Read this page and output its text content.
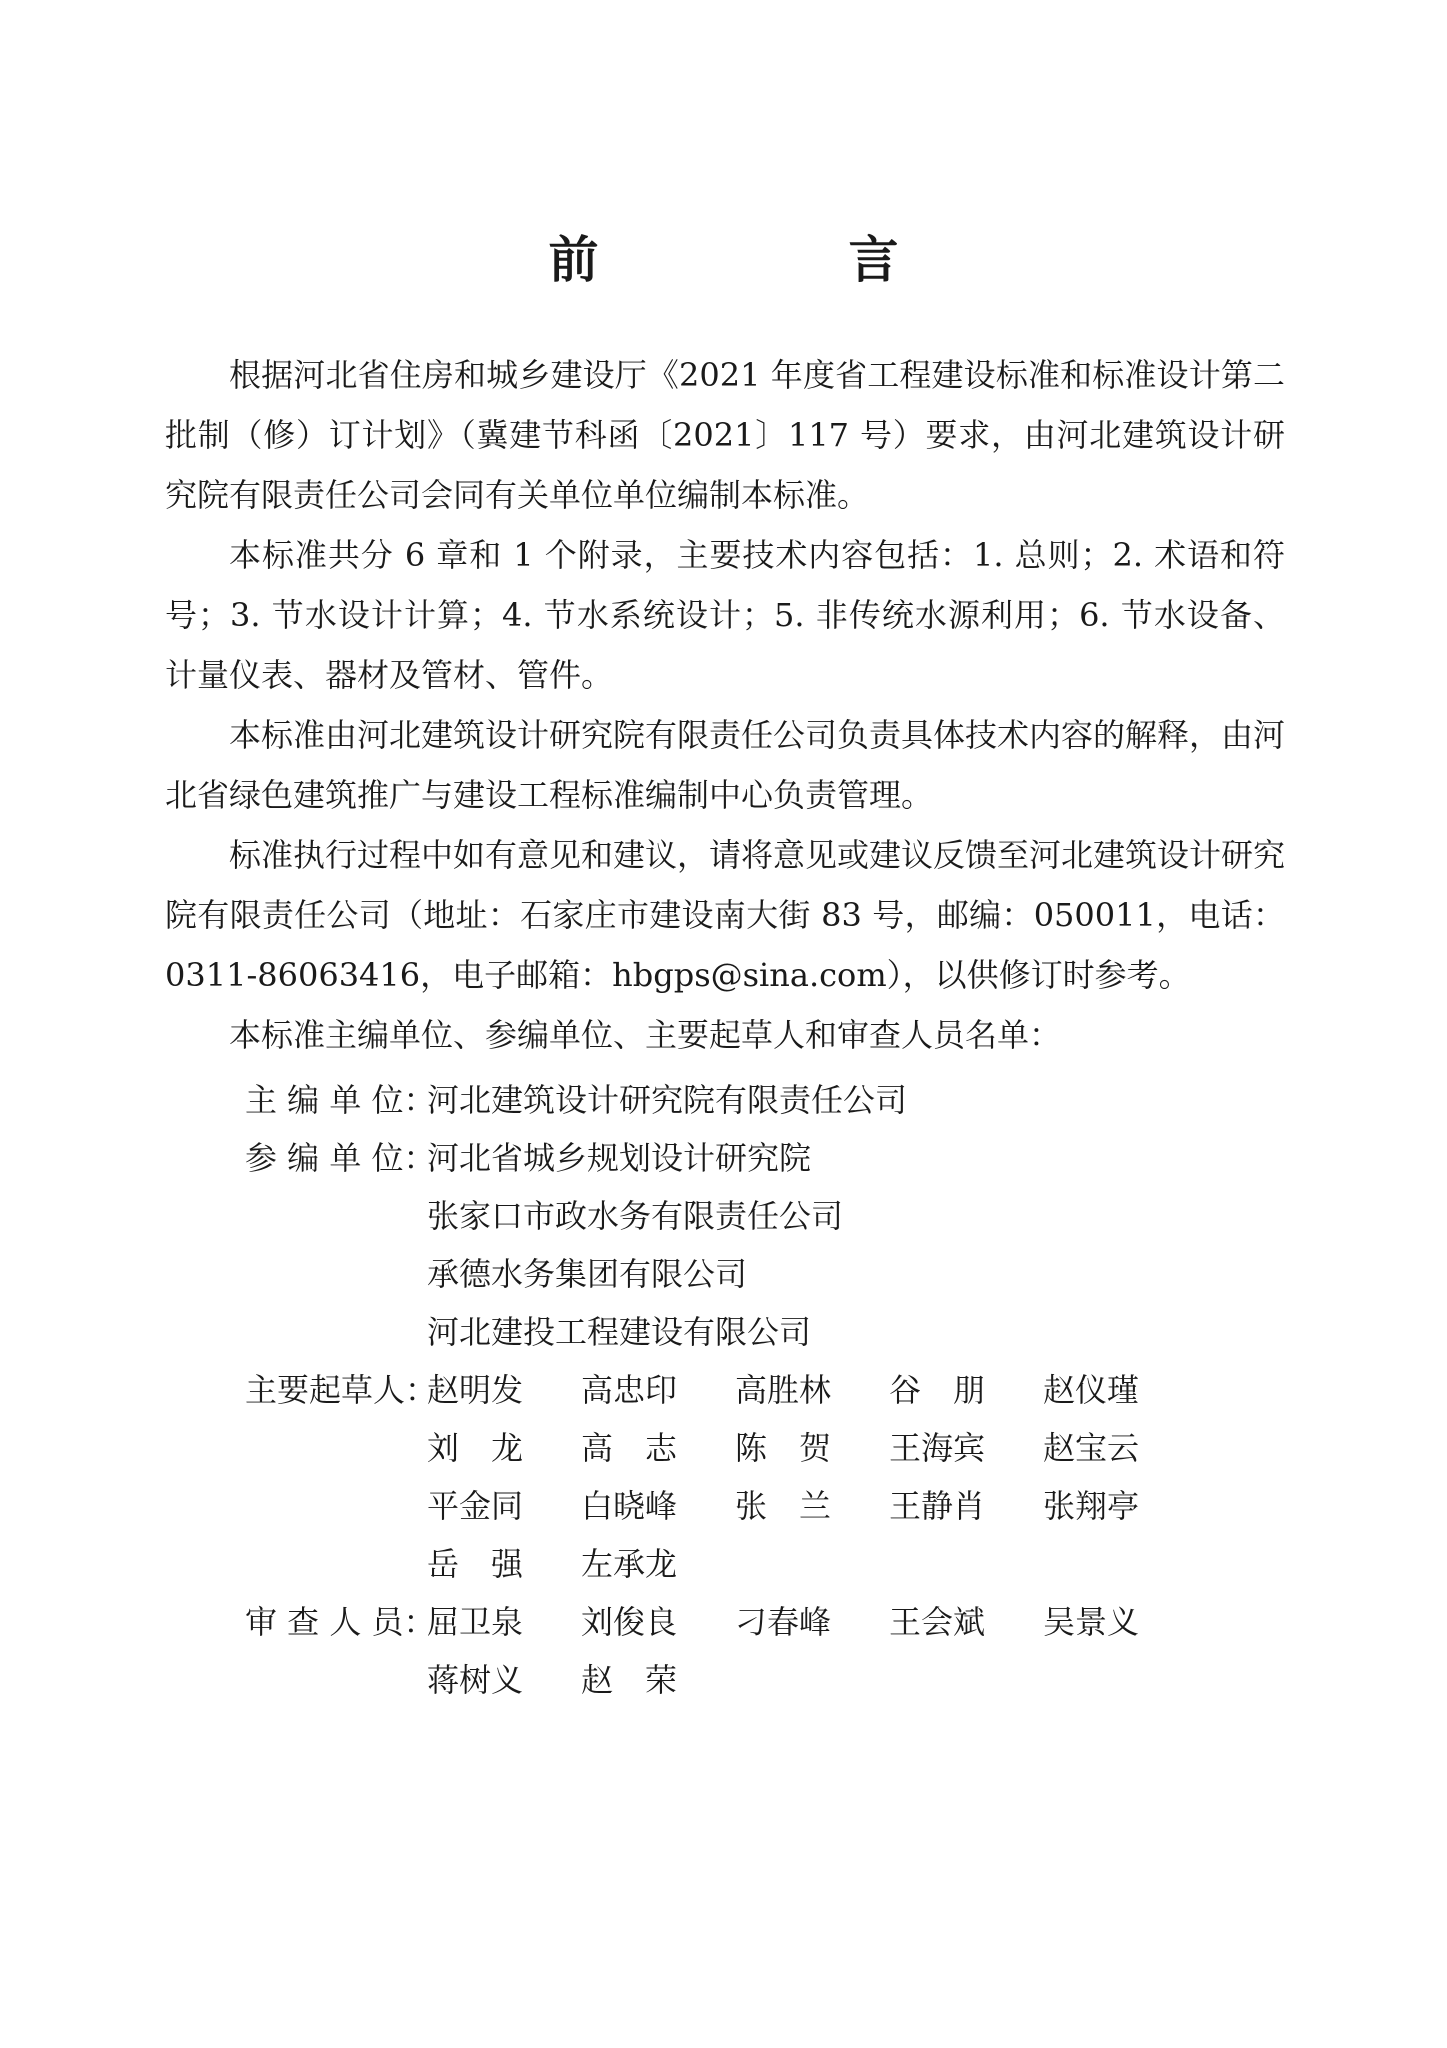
前　言

根据河北省住房和城乡建设厅《2021 年度省工程建设标准和标准设计第二批制（修）订计划》（冀建节科函〔2021〕117 号）要求，由河北建筑设计研究院有限责任公司会同有关单位单位编制本标准。

本标准共分 6 章和 1 个附录，主要技术内容包括：1. 总则；2. 术语和符号；3. 节水设计计算；4. 节水系统设计；5. 非传统水源利用；6. 节水设备、计量仪表、器材及管材、管件。

本标准由河北建筑设计研究院有限责任公司负责具体技术内容的解释，由河北省绿色建筑推广与建设工程标准编制中心负责管理。

标准执行过程中如有意见和建议，请将意见或建议反馈至河北建筑设计研究院有限责任公司（地址：石家庄市建设南大街 83 号，邮编：050011，电话：0311-86063416，电子邮箱：hbgps@sina.com），以供修订时参考。

本标准主编单位、参编单位、主要起草人和审查人员名单：

主 编 单 位：
河北建筑设计研究院有限责任公司
参 编 单 位：
河北省城乡规划设计研究院
张家口市政水务有限责任公司
承德水务集团有限公司
河北建投工程建设有限公司
主要起草人：
赵明发	高忠印	高胜林	谷　朋	赵仪瑾
刘　龙	高　志	陈　贺	王海宾	赵宝云
平金同	白晓峰	张　兰	王静肖	张翔亭
岳　强	左承龙
审 查 人 员：
屈卫泉	刘俊良	刁春峰	王会斌	吴景义
蒋树义	赵　荣
